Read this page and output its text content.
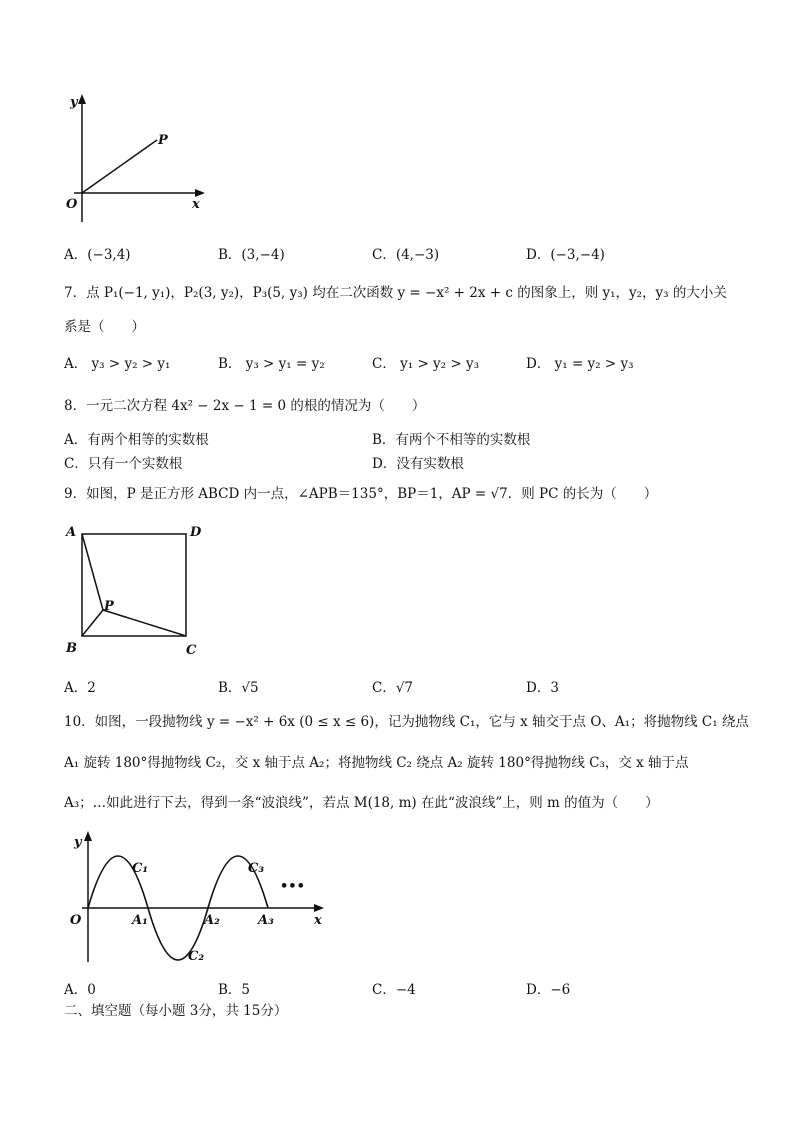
y
P
O	x
A．(−3,4)	B．(3,−4)	C．(4,−3)	D．(−3,−4)
7．点 P₁(−1, y₁)，P₂(3, y₂)，P₃(5, y₃) 均在二次函数 y = −x² + 2x + c 的图象上，则 y₁，y₂，y₃ 的大小关
系是（　　）
A． y₃ > y₂ > y₁	B． y₃ > y₁ = y₂	C． y₁ > y₂ > y₃	D． y₁ = y₂ > y₃
8．一元二次方程 4x² − 2x − 1 = 0 的根的情况为（　　）
A．有两个相等的实数根	B．有两个不相等的实数根
C．只有一个实数根	D．没有实数根
9．如图，P 是正方形 ABCD 内一点，∠APB＝135°，BP＝1，AP = √7．则 PC 的长为（　　）
A	D
P
B	C
A．2	B．√5	C．√7	D．3
10．如图，一段抛物线 y = −x² + 6x (0 ≤ x ≤ 6)，记为抛物线 C₁，它与 x 轴交于点 O、A₁；将抛物线 C₁ 绕点
A₁ 旋转 180°得抛物线 C₂，交 x 轴于点 A₂；将抛物线 C₂ 绕点 A₂ 旋转 180°得抛物线 C₃，交 x 轴于点
A₃；…如此进行下去，得到一条“波浪线”，若点 M(18, m) 在此“波浪线”上，则 m 的值为（　　）
y
C₁	C₃
•••
O	A₁	A₂	A₃	x
C₂
A．0	B．5	C．−4	D．−6
二、填空题（每小题 3分，共 15分）
